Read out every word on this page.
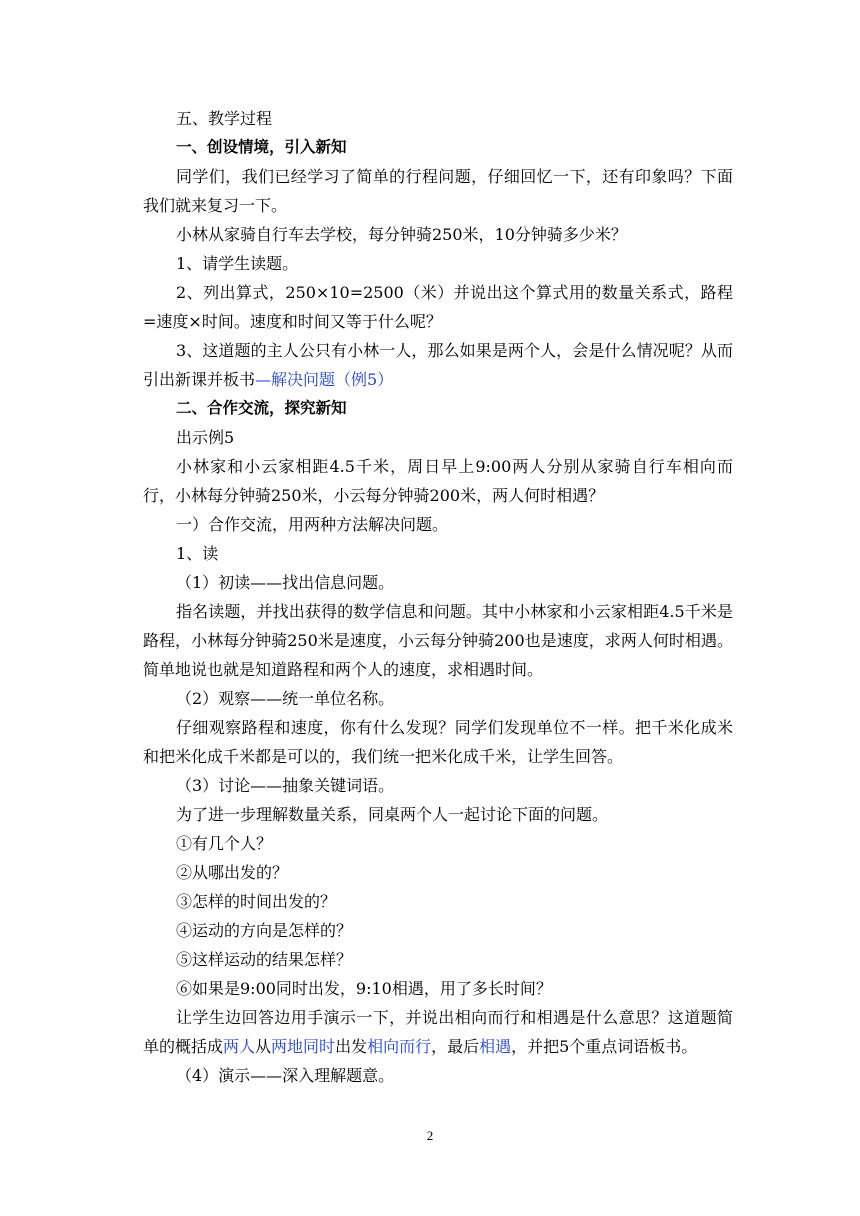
五、教学过程

一、创设情境，引入新知

同学们，我们已经学习了简单的行程问题，仔细回忆一下，还有印象吗？下面我们就来复习一下。

小林从家骑自行车去学校，每分钟骑250米，10分钟骑多少米？

1、请学生读题。

2、列出算式，250×10=2500（米）并说出这个算式用的数量关系式，路程=速度×时间。速度和时间又等于什么呢？

3、这道题的主人公只有小林一人，那么如果是两个人，会是什么情况呢？从而引出新课并板书—解决问题（例5）

二、合作交流，探究新知

出示例5

小林家和小云家相距4.5千米，周日早上9:00两人分别从家骑自行车相向而行，小林每分钟骑250米，小云每分钟骑200米，两人何时相遇？

一）合作交流，用两种方法解决问题。

1、读

（1）初读——找出信息问题。

指名读题，并找出获得的数学信息和问题。其中小林家和小云家相距4.5千米是路程，小林每分钟骑250米是速度，小云每分钟骑200也是速度，求两人何时相遇。简单地说也就是知道路程和两个人的速度，求相遇时间。

（2）观察——统一单位名称。

仔细观察路程和速度，你有什么发现？同学们发现单位不一样。把千米化成米和把米化成千米都是可以的，我们统一把米化成千米，让学生回答。

（3）讨论——抽象关键词语。

为了进一步理解数量关系，同桌两个人一起讨论下面的问题。

①有几个人？

②从哪出发的？

③怎样的时间出发的？

④运动的方向是怎样的？

⑤这样运动的结果怎样？

⑥如果是9:00同时出发，9:10相遇，用了多长时间？

让学生边回答边用手演示一下，并说出相向而行和相遇是什么意思？这道题简单的概括成两人从两地同时出发相向而行，最后相遇，并把5个重点词语板书。

（4）演示——深入理解题意。

2
